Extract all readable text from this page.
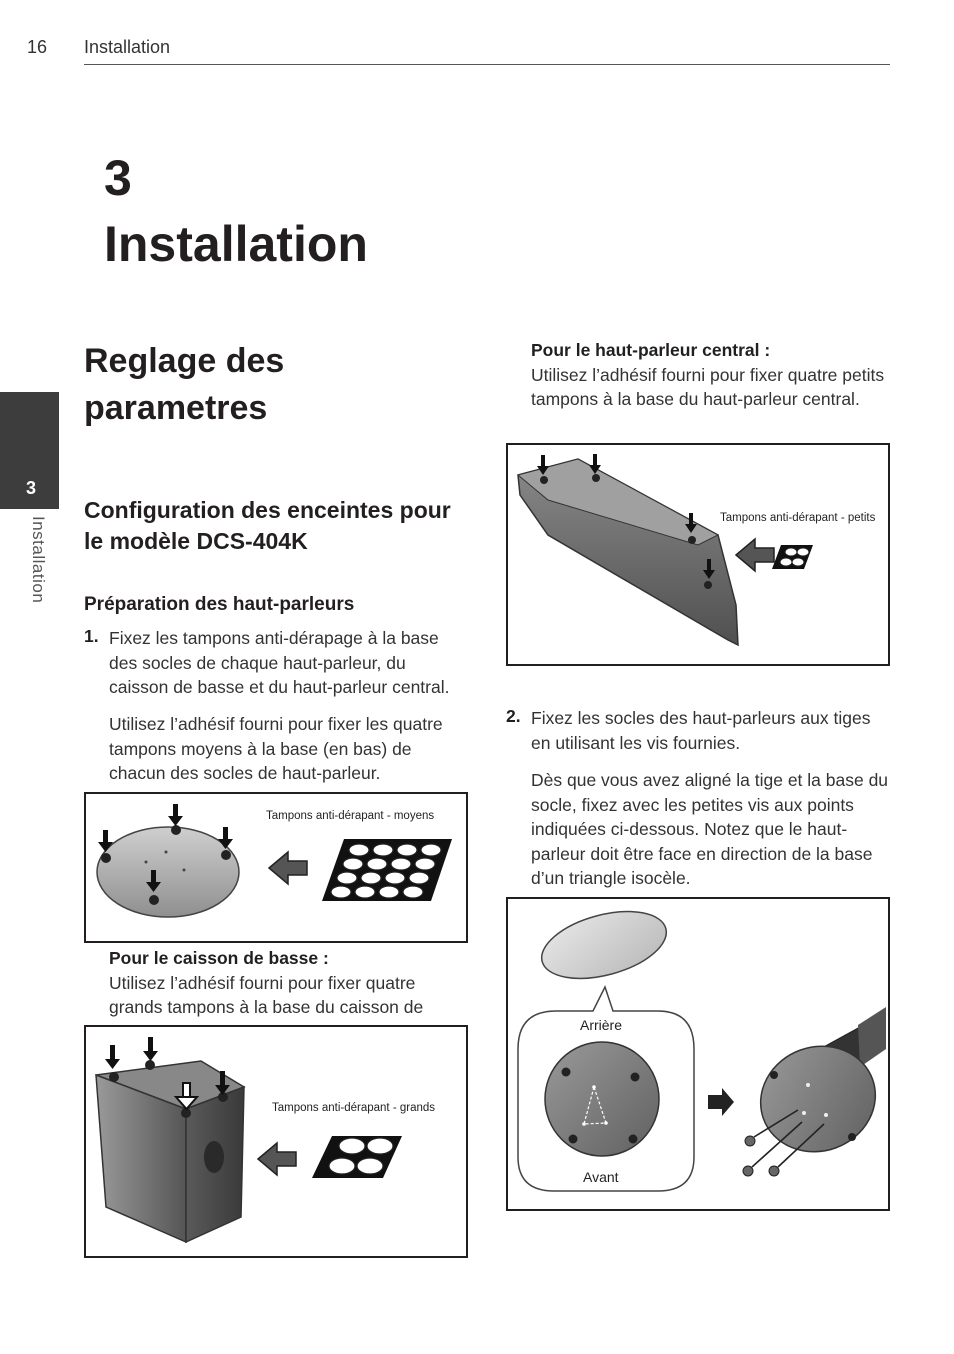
16 Installation
3
Installation
3
Installation
Reglage des parametres
Configuration des enceintes pour le modèle DCS-404K
Préparation des haut-parleurs
1. Fixez les tampons anti-dérapage à la base des socles de chaque haut-parleur, du caisson de basse et du haut-parleur central.
Utilisez l’adhésif fourni pour fixer les quatre tampons moyens à la base (en bas) de chacun des socles de haut-parleur.
Tampons anti-dérapant - moyens
Pour le caisson de basse :
Utilisez l’adhésif fourni pour fixer quatre grands tampons à la base du caisson de
Tampons anti-dérapant - grands
Pour le haut-parleur central :
Utilisez l’adhésif fourni pour fixer quatre petits tampons à la base du haut-parleur central.
Tampons anti-dérapant - petits
2. Fixez les socles des haut-parleurs aux tiges en utilisant les vis fournies.
Dès que vous avez aligné la tige et la base du socle, fixez avec les petites vis aux points indiquées ci-dessous. Notez que le haut-parleur doit être face en direction de la base d’un triangle isocèle.
Arrière
Avant
